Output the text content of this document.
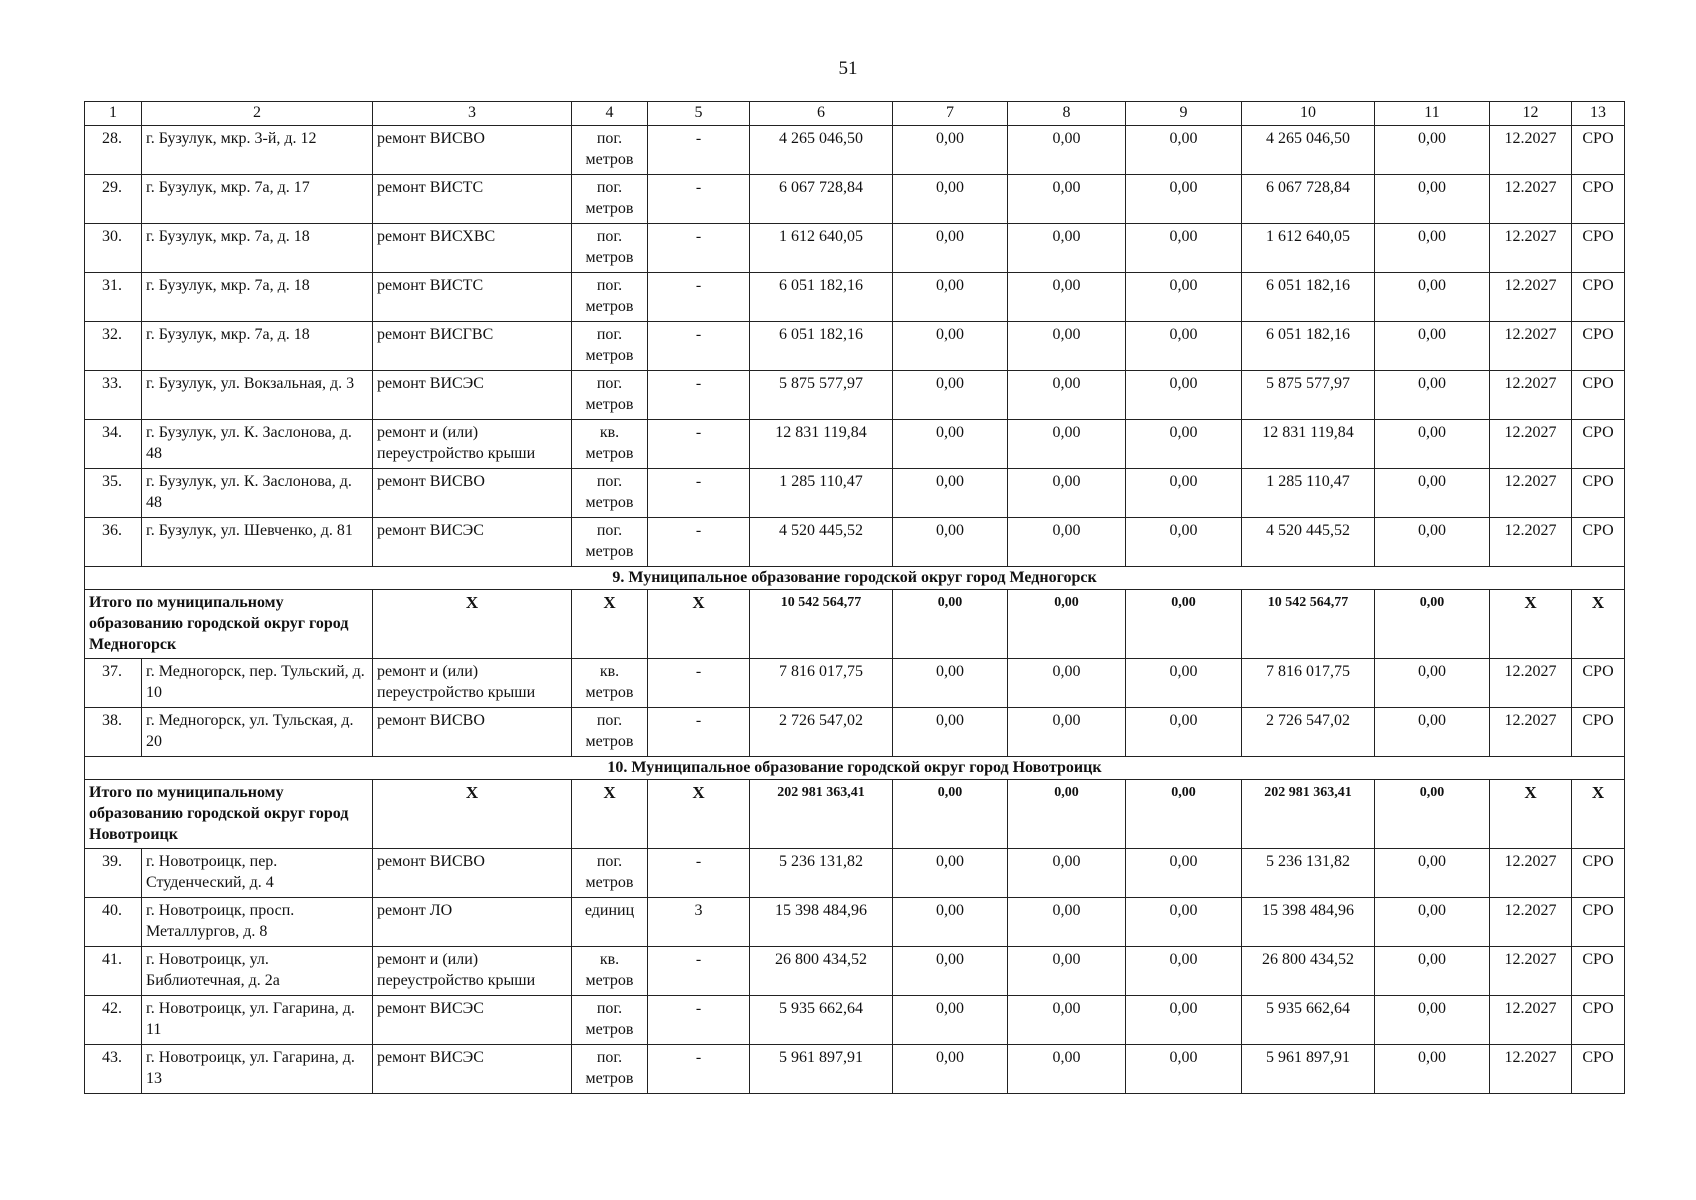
51
1	2	3	4	5	6	7	8	9	10	11	12	13
28.	г. Бузулук, мкр. 3-й, д. 12	ремонт ВИСВО	пог. метров	-	4 265 046,50	0,00	0,00	0,00	4 265 046,50	0,00	12.2027	СРО
29.	г. Бузулук, мкр. 7а, д. 17	ремонт ВИСТС	пог. метров	-	6 067 728,84	0,00	0,00	0,00	6 067 728,84	0,00	12.2027	СРО
30.	г. Бузулук, мкр. 7а, д. 18	ремонт ВИСХВС	пог. метров	-	1 612 640,05	0,00	0,00	0,00	1 612 640,05	0,00	12.2027	СРО
31.	г. Бузулук, мкр. 7а, д. 18	ремонт ВИСТС	пог. метров	-	6 051 182,16	0,00	0,00	0,00	6 051 182,16	0,00	12.2027	СРО
32.	г. Бузулук, мкр. 7а, д. 18	ремонт ВИСГВС	пог. метров	-	6 051 182,16	0,00	0,00	0,00	6 051 182,16	0,00	12.2027	СРО
33.	г. Бузулук, ул. Вокзальная, д. 3	ремонт ВИСЭС	пог. метров	-	5 875 577,97	0,00	0,00	0,00	5 875 577,97	0,00	12.2027	СРО
34.	г. Бузулук, ул. К. Заслонова, д. 48	ремонт и (или) переустройство крыши	кв. метров	-	12 831 119,84	0,00	0,00	0,00	12 831 119,84	0,00	12.2027	СРО
35.	г. Бузулук, ул. К. Заслонова, д. 48	ремонт ВИСВО	пог. метров	-	1 285 110,47	0,00	0,00	0,00	1 285 110,47	0,00	12.2027	СРО
36.	г. Бузулук, ул. Шевченко, д. 81	ремонт ВИСЭС	пог. метров	-	4 520 445,52	0,00	0,00	0,00	4 520 445,52	0,00	12.2027	СРО
9. Муниципальное образование городской округ город Медногорск												
Итого по муниципальному образованию городской округ город Медногорск		Х	Х	Х	10 542 564,77	0,00	0,00	0,00	10 542 564,77	0,00	Х	Х
37.	г. Медногорск, пер. Тульский, д. 10	ремонт и (или) переустройство крыши	кв. метров	-	7 816 017,75	0,00	0,00	0,00	7 816 017,75	0,00	12.2027	СРО
38.	г. Медногорск, ул. Тульская, д. 20	ремонт ВИСВО	пог. метров	-	2 726 547,02	0,00	0,00	0,00	2 726 547,02	0,00	12.2027	СРО
10. Муниципальное образование городской округ город Новотроицк												
Итого по муниципальному образованию городской округ город Новотроицк		Х	Х	Х	202 981 363,41	0,00	0,00	0,00	202 981 363,41	0,00	Х	Х
39.	г. Новотроицк, пер. Студенческий, д. 4	ремонт ВИСВО	пог. метров	-	5 236 131,82	0,00	0,00	0,00	5 236 131,82	0,00	12.2027	СРО
40.	г. Новотроицк, просп. Металлургов, д. 8	ремонт ЛО	единиц	3	15 398 484,96	0,00	0,00	0,00	15 398 484,96	0,00	12.2027	СРО
41.	г. Новотроицк, ул. Библиотечная, д. 2а	ремонт и (или) переустройство крыши	кв. метров	-	26 800 434,52	0,00	0,00	0,00	26 800 434,52	0,00	12.2027	СРО
42.	г. Новотроицк, ул. Гагарина, д. 11	ремонт ВИСЭС	пог. метров	-	5 935 662,64	0,00	0,00	0,00	5 935 662,64	0,00	12.2027	СРО
43.	г. Новотроицк, ул. Гагарина, д. 13	ремонт ВИСЭС	пог. метров	-	5 961 897,91	0,00	0,00	0,00	5 961 897,91	0,00	12.2027	СРО
